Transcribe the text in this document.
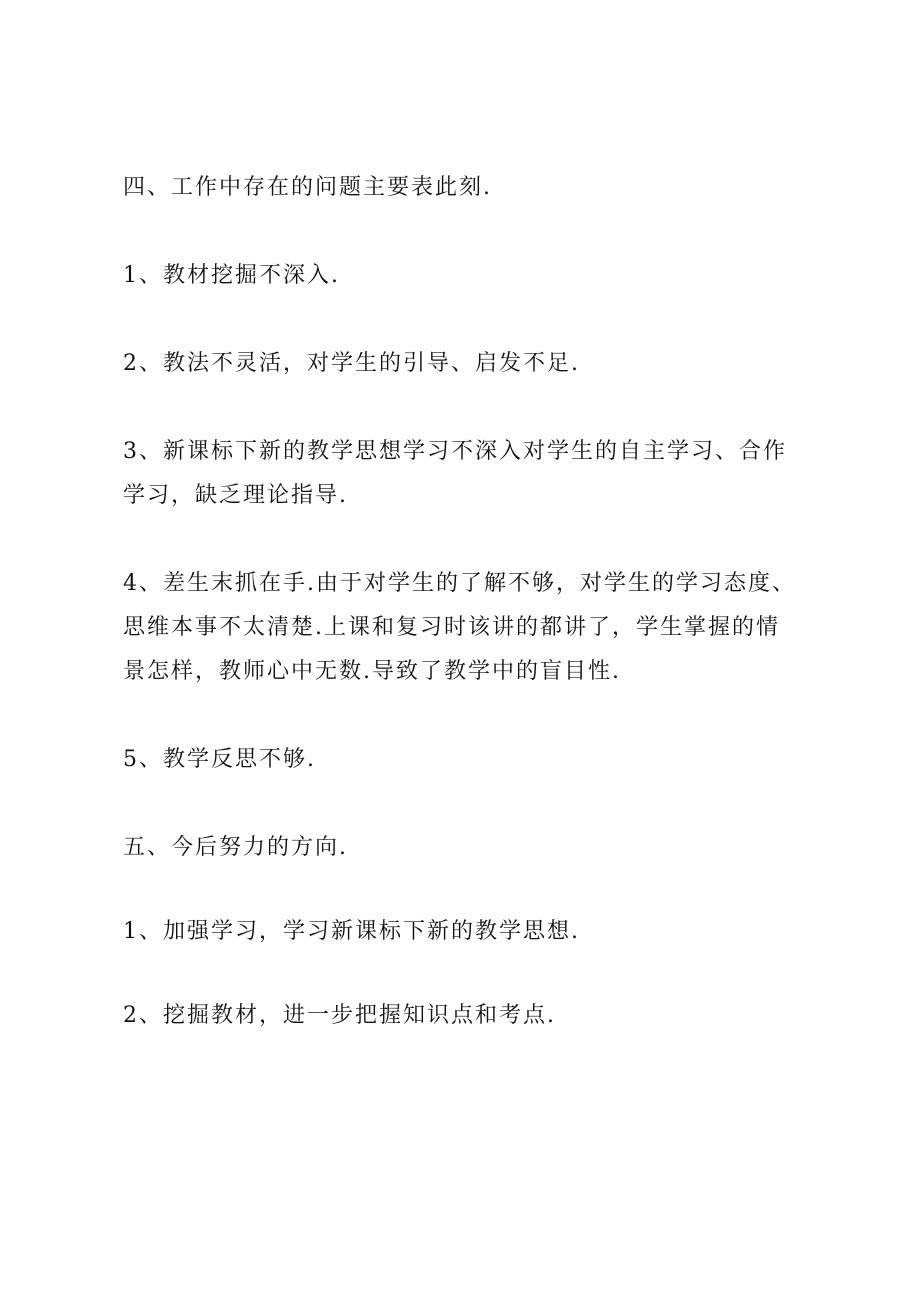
四、工作中存在的问题主要表此刻.

1、教材挖掘不深入.

2、教法不灵活，对学生的引导、启发不足.

3、新课标下新的教学思想学习不深入对学生的自主学习、合作学习，缺乏理论指导.

4、差生末抓在手.由于对学生的了解不够，对学生的学习态度、思维本事不太清楚.上课和复习时该讲的都讲了，学生掌握的情景怎样，教师心中无数.导致了教学中的盲目性.

5、教学反思不够.

五、今后努力的方向.

1、加强学习，学习新课标下新的教学思想.

2、挖掘教材，进一步把握知识点和考点.
